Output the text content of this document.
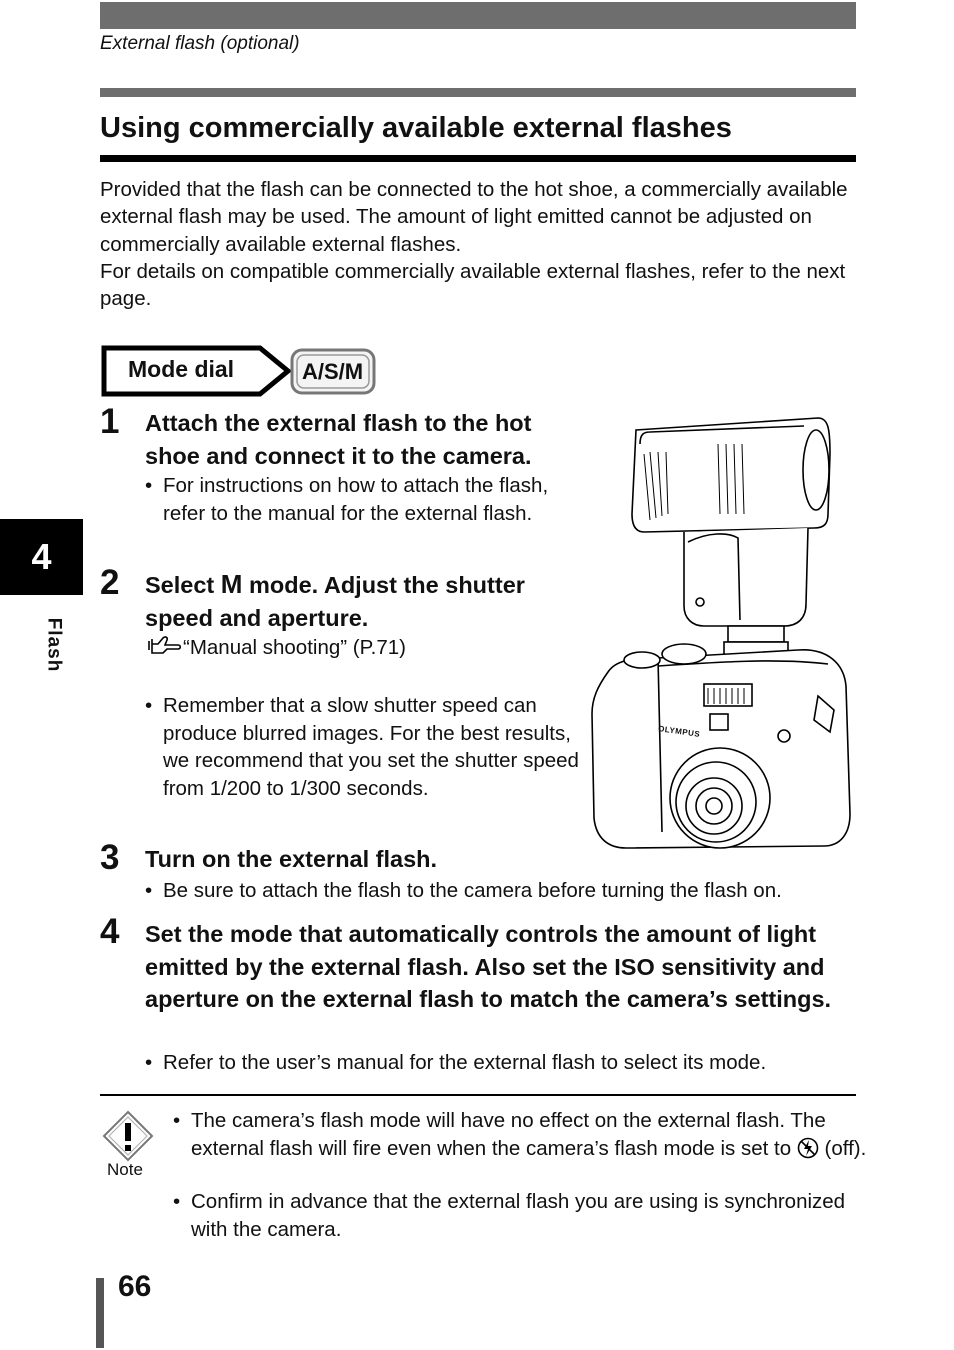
External flash (optional)
Using commercially available external flashes

Provided that the flash can be connected to the hot shoe, a commercially available external flash may be used. The amount of light emitted cannot be adjusted on commercially available external flashes.

For details on compatible commercially available external flashes, refer to the next page.

Mode dial	A/S/M
4
Flash
1 Attach the external flash to the hot
shoe and connect it to the camera.
• For instructions on how to attach the flash, refer to the manual for the external flash.
2 Select M mode. Adjust the shutter
speed and aperture.
“Manual shooting” (P.71)
• Remember that a slow shutter speed can produce blurred images. For the best results, we recommend that you set the shutter speed from 1/200 to 1/300 seconds.
OLYMPUS
3 Turn on the external flash.
• Be sure to attach the flash to the camera before turning the flash on.
4 Set the mode that automatically controls the amount of light emitted by the external flash. Also set the ISO sensitivity and aperture on the external flash to match the camera’s settings.
• Refer to the user’s manual for the external flash to select its mode.
Note
• The camera’s flash mode will have no effect on the external flash. The external flash will fire even when the camera’s flash mode is set to (off).
• Confirm in advance that the external flash you are using is synchronized with the camera.
66
